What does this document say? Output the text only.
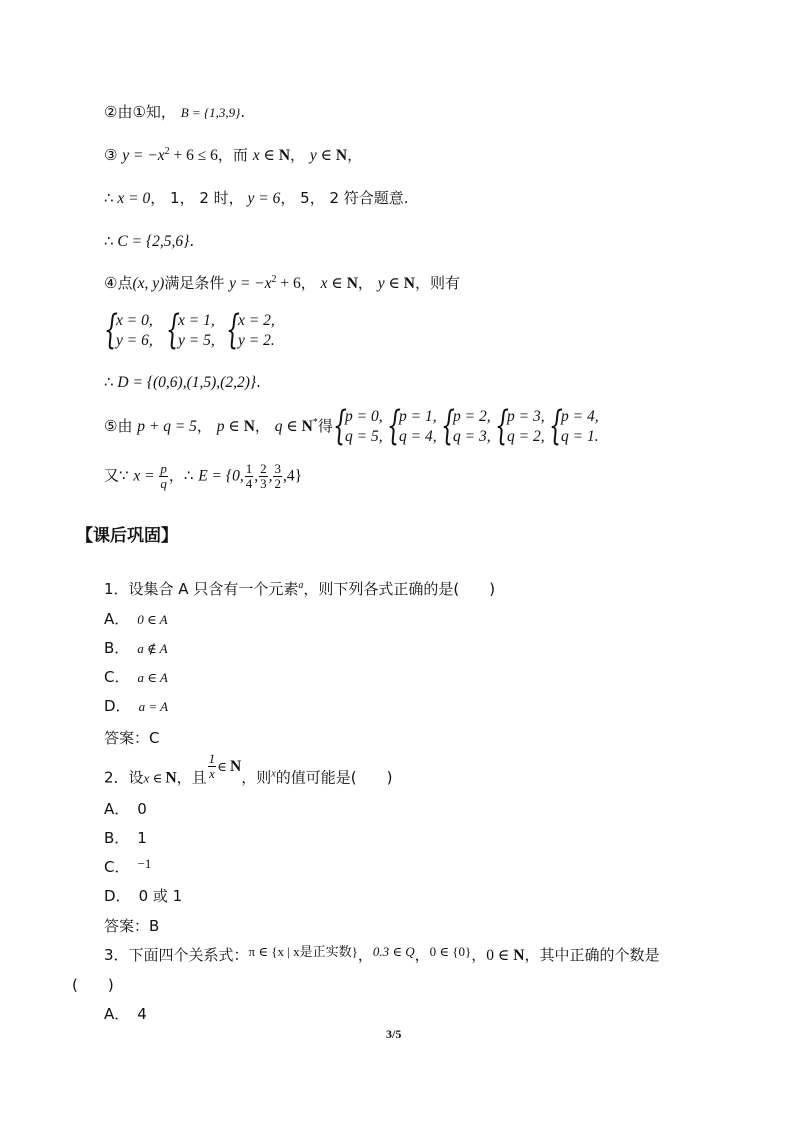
②由①知， B = {1,3,9}.
③ $y = -x^2 + 6 \le 6$，而 x ∈ N， y ∈ N，
∴ x = 0， 1， 2 时， y = 6， 5， 2 符合题意.
∴ C = {2,5,6}.
④点(x, y)满足条件 $y = -x^2 + 6$， x ∈ N， y ∈ N，则有
{
x = 0,
y = 6, {
x = 1,
y = 5, {
x = 2,
y = 2.
∴ D = {(0,6),(1,5),(2,2)}.
⑤由 p + q = 5， p ∈ N， q ∈ N*得 {
p = 0,
q = 5, {
p = 1,
q = 4, {
p = 2,
q = 3, {
p = 3,
q = 2, {
p = 4,
q = 1.
又∵ $x = \frac{p}{q}$ ，∴ E = {0, $\frac{1}{4}$ , $\frac{2}{3}$ , $\frac{3}{2} ,4$}
【课后巩固】
1．设集合 A 只含有一个元素$^a$，则下列各式正确的是(　　)
A． 0 ∈ A
B． a ∉ A
C． a ∈ A
D． a = A
答案：C
2．设x ∈ N，且 $\frac{1}{x}$ ∈ N，则$^x$的值可能是(　　)
A． 0
B． 1
C． −1
D． 0 或 1
答案：B
3．下面四个关系式：π ∈ {x | x是正实数}，0.3 ∈ Q，0 ∈ {0}，0 ∈ N，其中正确的个数是
(　　)
A． 4
3/5
